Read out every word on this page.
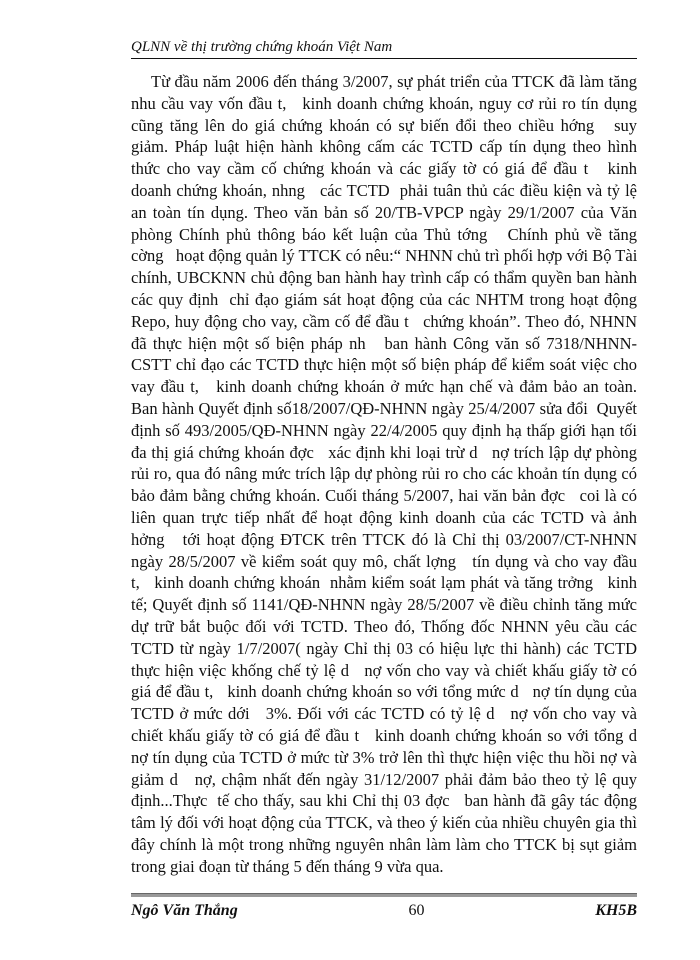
QLNN về thị trường chứng khoán Việt Nam
Từ đầu năm 2006 đến tháng 3/2007, sự phát triển của TTCK đã làm tăng
nhu cầu vay vốn đầu t,   kinh doanh chứng khoán, nguy cơ rủi ro tín dụng
cũng tăng lên do giá chứng khoán có sự biến đổi theo chiều hớng   suy
giảm. Pháp luật hiện hành không cấm các TCTD cấp tín dụng theo hình
thức cho vay cầm cố chứng khoán và các giấy tờ có giá để đầu t   kinh
doanh chứng khoán, nhng   các TCTD  phải tuân thủ các điều kiện và tỷ lệ
an toàn tín dụng. Theo văn bản số 20/TB-VPCP ngày 29/1/2007 của Văn
phòng Chính phủ thông báo kết luận của Thủ tớng   Chính phủ về tăng
cờng   hoạt động quản lý TTCK có nêu:“ NHNN chủ trì phối hợp với Bộ Tài
chính, UBCKNN chủ động ban hành hay trình cấp có thẩm quyền ban hành
các quy định  chỉ đạo giám sát hoạt động của các NHTM trong hoạt động
Repo, huy động cho vay, cầm cố để đầu t   chứng khoán”. Theo đó, NHNN
đã thực hiện một số biện pháp nh   ban hành Công văn số 7318/NHNN-
CSTT chỉ đạo các TCTD thực hiện một số biện pháp để kiểm soát việc cho
vay đầu t,   kinh doanh chứng khoán ở mức hạn chế và đảm bảo an toàn.
Ban hành Quyết định số18/2007/QĐ-NHNN ngày 25/4/2007 sửa đổi  Quyết
định số 493/2005/QĐ-NHNN ngày 22/4/2005 quy định hạ thấp giới hạn tối
đa thị giá chứng khoán đợc   xác định khi loại trừ d   nợ trích lập dự phòng
rủi ro, qua đó nâng mức trích lập dự phòng rủi ro cho các khoản tín dụng có
bảo đảm bằng chứng khoán. Cuối tháng 5/2007, hai văn bản đợc   coi là có
liên quan trực tiếp nhất để hoạt động kinh doanh của các TCTD và ảnh
hởng   tới hoạt động ĐTCK trên TTCK đó là Chỉ thị 03/2007/CT-NHNN
ngày 28/5/2007 về kiểm soát quy mô, chất lợng   tín dụng và cho vay đầu
t,   kinh doanh chứng khoán  nhằm kiểm soát lạm phát và tăng trởng   kinh
tế; Quyết định số 1141/QĐ-NHNN ngày 28/5/2007 về điều chỉnh tăng mức
dự trữ bắt buộc đối với TCTD. Theo đó, Thống đốc NHNN yêu cầu các
TCTD từ ngày 1/7/2007( ngày Chỉ thị 03 có hiệu lực thi hành) các TCTD
thực hiện việc khống chế tỷ lệ d   nợ vốn cho vay và chiết khấu giấy tờ có
giá để đầu t,   kinh doanh chứng khoán so với tổng mức d   nợ tín dụng của
TCTD ở mức dới   3%. Đối với các TCTD có tỷ lệ d   nợ vốn cho vay và
chiết khấu giấy tờ có giá để đầu t   kinh doanh chứng khoán so với tổng d
nợ tín dụng của TCTD ở mức từ 3% trở lên thì thực hiện việc thu hồi nợ và
giảm d   nợ, chậm nhất đến ngày 31/12/2007 phải đảm bảo theo tỷ lệ quy
định...Thực  tế cho thấy, sau khi Chỉ thị 03 đợc   ban hành đã gây tác động
tâm lý đối với hoạt động của TTCK, và theo ý kiến của nhiều chuyên gia thì
đây chính là một trong những nguyên nhân làm làm cho TTCK bị sụt giảm
trong giai đoạn từ tháng 5 đến tháng 9 vừa qua.
Ngô Văn Thắng	60	KH5B
